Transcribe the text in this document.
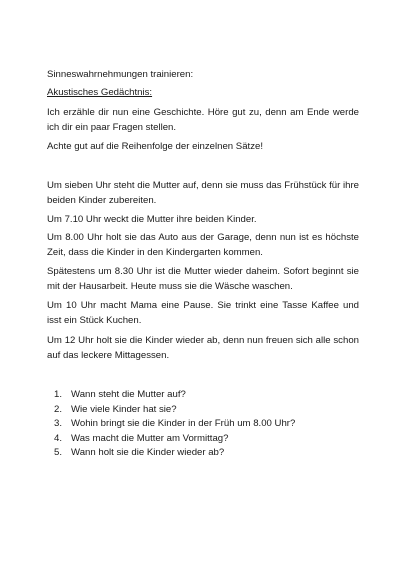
Sinneswahrnehmungen trainieren:

Akustisches Gedächtnis:

Ich erzähle dir nun eine Geschichte. Höre gut zu, denn am Ende werde ich dir ein paar Fragen stellen.

Achte gut auf die Reihenfolge der einzelnen Sätze!

Um sieben Uhr steht die Mutter auf, denn sie muss das Frühstück für ihre beiden Kinder zubereiten.

Um 7.10 Uhr weckt die Mutter ihre beiden Kinder.

Um 8.00 Uhr holt sie das Auto aus der Garage, denn nun ist es höchste Zeit, dass die Kinder in den Kindergarten kommen.

Spätestens um 8.30 Uhr ist die Mutter wieder daheim. Sofort beginnt sie mit der Hausarbeit. Heute muss sie die Wäsche waschen.

Um 10 Uhr macht Mama eine Pause. Sie trinkt eine Tasse Kaffee und isst ein Stück Kuchen.

Um 12 Uhr holt sie die Kinder wieder ab, denn nun freuen sich alle schon auf das leckere Mittagessen.

1. Wann steht die Mutter auf?
2. Wie viele Kinder hat sie?
3. Wohin bringt sie die Kinder in der Früh um 8.00 Uhr?
4. Was macht die Mutter am Vormittag?
5. Wann holt sie die Kinder wieder ab?
